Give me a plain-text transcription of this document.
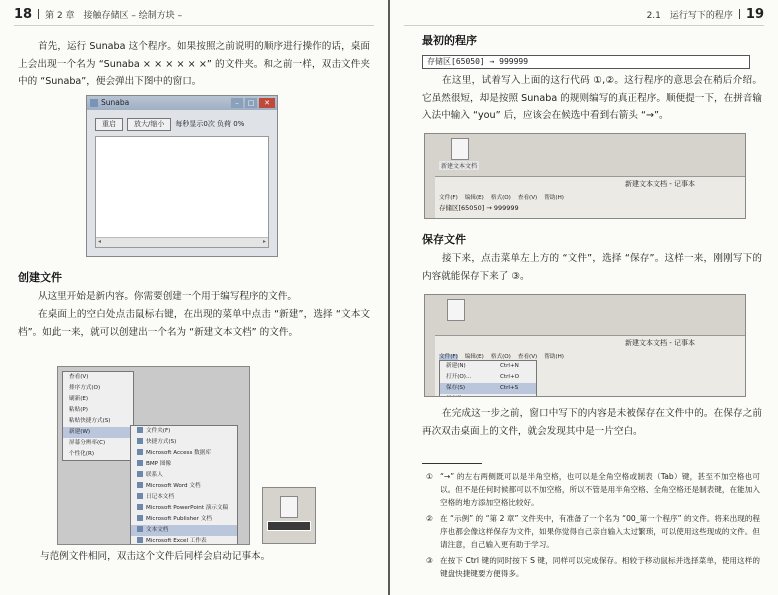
18 第 2 章　接触存储区 – 绘制方块 –
首先，运行 Sunaba 这个程序。如果按照之前说明的顺序进行操作的话，桌面上会出现一个名为 “Sunaba × × × × × ×” 的文件夹。和之前一样，双击文件夹中的 “Sunaba”，便会弹出下图中的窗口。
Sunaba	–	□	✕
重启	放大/缩小 每秒显示0次 负荷 0%
◂	▸
创建文件
从这里开始是新内容。你需要创建一个用于编写程序的文件。
在桌面上的空白处点击鼠标右键，在出现的菜单中点击 “新建”，选择 “文本文档”。如此一来，就可以创建出一个名为 “新建文本文档” 的文件。
查看(V)
排序方式(O)
刷新(E)
粘贴(P)
粘贴快捷方式(S)
新建(W)
屏幕分辨率(C)
个性化(R)
文件夹(F)
快捷方式(S)
Microsoft Access 数据库
BMP 图像
联系人
Microsoft Word 文档
日记本文档
Microsoft PowerPoint 演示文稿
Microsoft Publisher 文档
文本文档
Microsoft Excel 工作表
与范例文件相同，双击这个文件后同样会启动记事本。
2.1　运行写下的程序 19
最初的程序
存储区[65050] → 999999
在这里，试着写入上面的这行代码 ①,②。这行程序的意思会在稍后介绍。它虽然很短，却是按照 Sunaba 的规则编写的真正程序。顺便提一下，在拼音输入法中输入 “you” 后，应该会在候选中看到右箭头 “→”。
新建文本文档
新建文本文档 - 记事本
文件(F) 编辑(E) 格式(O) 查看(V) 帮助(H)
存储区[65050] → 999999
保存文件
接下来，点击菜单左上方的 “文件”，选择 “保存”。这样一来，刚刚写下的内容就能保存下来了 ③。
新建文本文档 - 记事本
文件(F) 编辑(E) 格式(O) 查看(V) 帮助(H)
新建(N)	Ctrl+N
打开(O)...	Ctrl+O
保存(S)	Ctrl+S
在完成这一步之前，窗口中写下的内容是未被保存在文件中的。在保存之前再次双击桌面上的文件，就会发现其中是一片空白。
① “→” 的左右两侧既可以是半角空格，也可以是全角空格或制表（Tab）键，甚至不加空格也可以。但不是任何时候都可以不加空格，所以不管是用半角空格、全角空格还是制表键，在能加入空格的地方添加空格比较好。
② 在 “示例” 的 “第 2 章” 文件夹中，有准备了一个名为 “00_第一个程序” 的文件。将来出现的程序也都会像这样保存为文件，如果你觉得自己亲自输入太过繁琐，可以使用这些现成的文件。但请注意，自己输入更有助于学习。
③ 在按下 Ctrl 键的同时按下 S 键，同样可以完成保存。相较于移动鼠标并选择菜单，使用这样的键盘快捷键要方便得多。
